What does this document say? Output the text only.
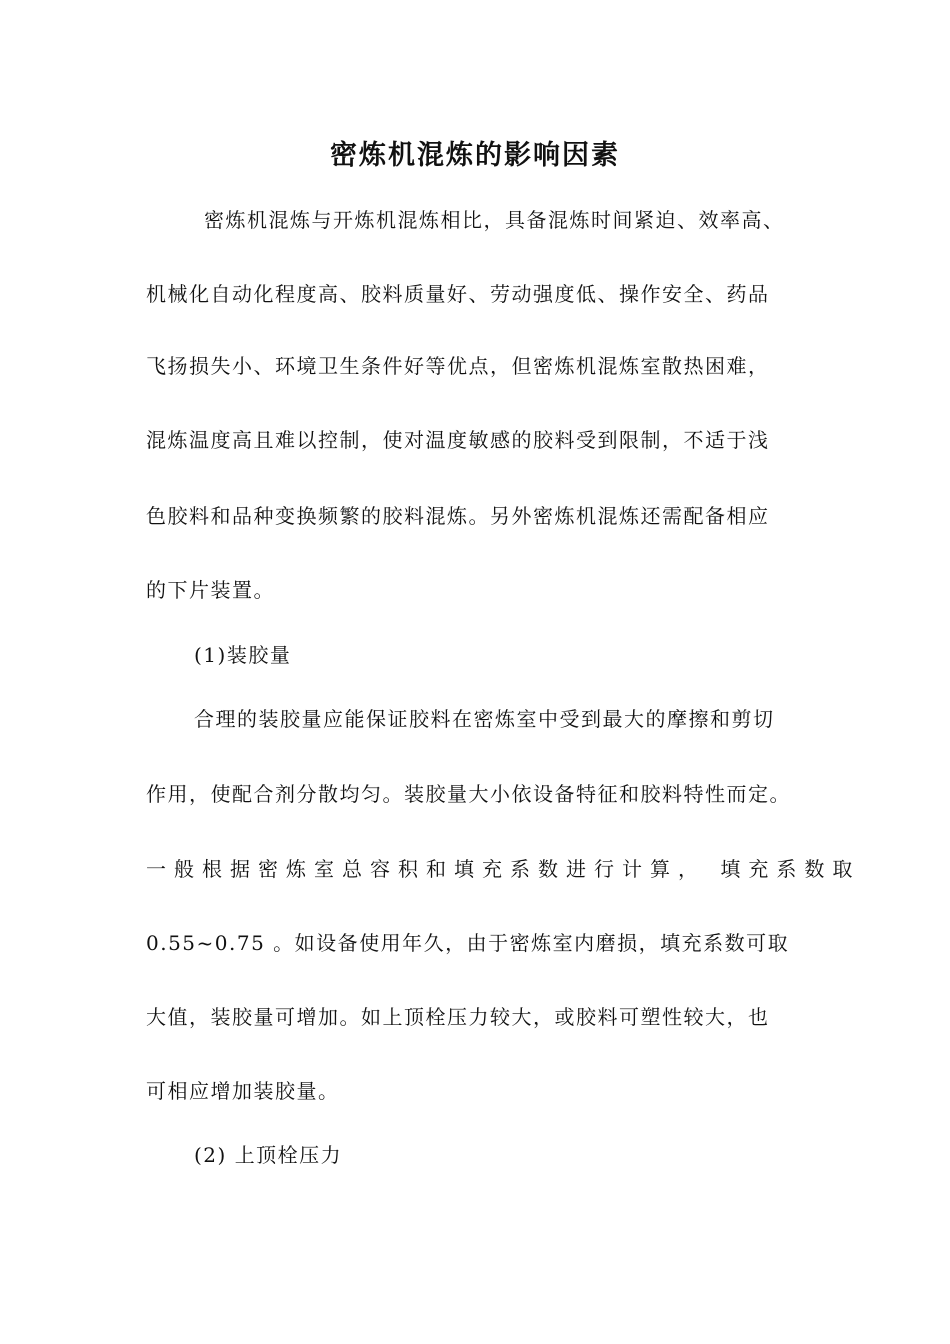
密炼机混炼的影响因素
密炼机混炼与开炼机混炼相比，具备混炼时间紧迫、效率高、
机械化自动化程度高、胶料质量好、劳动强度低、操作安全、药品
飞扬损失小、环境卫生条件好等优点，但密炼机混炼室散热困难，
混炼温度高且难以控制，使对温度敏感的胶料受到限制，不适于浅
色胶料和品种变换频繁的胶料混炼。另外密炼机混炼还需配备相应
的下片装置。
(1)装胶量
合理的装胶量应能保证胶料在密炼室中受到最大的摩擦和剪切
作用，使配合剂分散均匀。装胶量大小依设备特征和胶料特性而定。
一般根据密炼室总容积和填充系数进行计算， 填充系数取
0.55~0.75 。如设备使用年久，由于密炼室内磨损，填充系数可取
大值，装胶量可增加。如上顶栓压力较大，或胶料可塑性较大，也
可相应增加装胶量。
(2) 上顶栓压力
